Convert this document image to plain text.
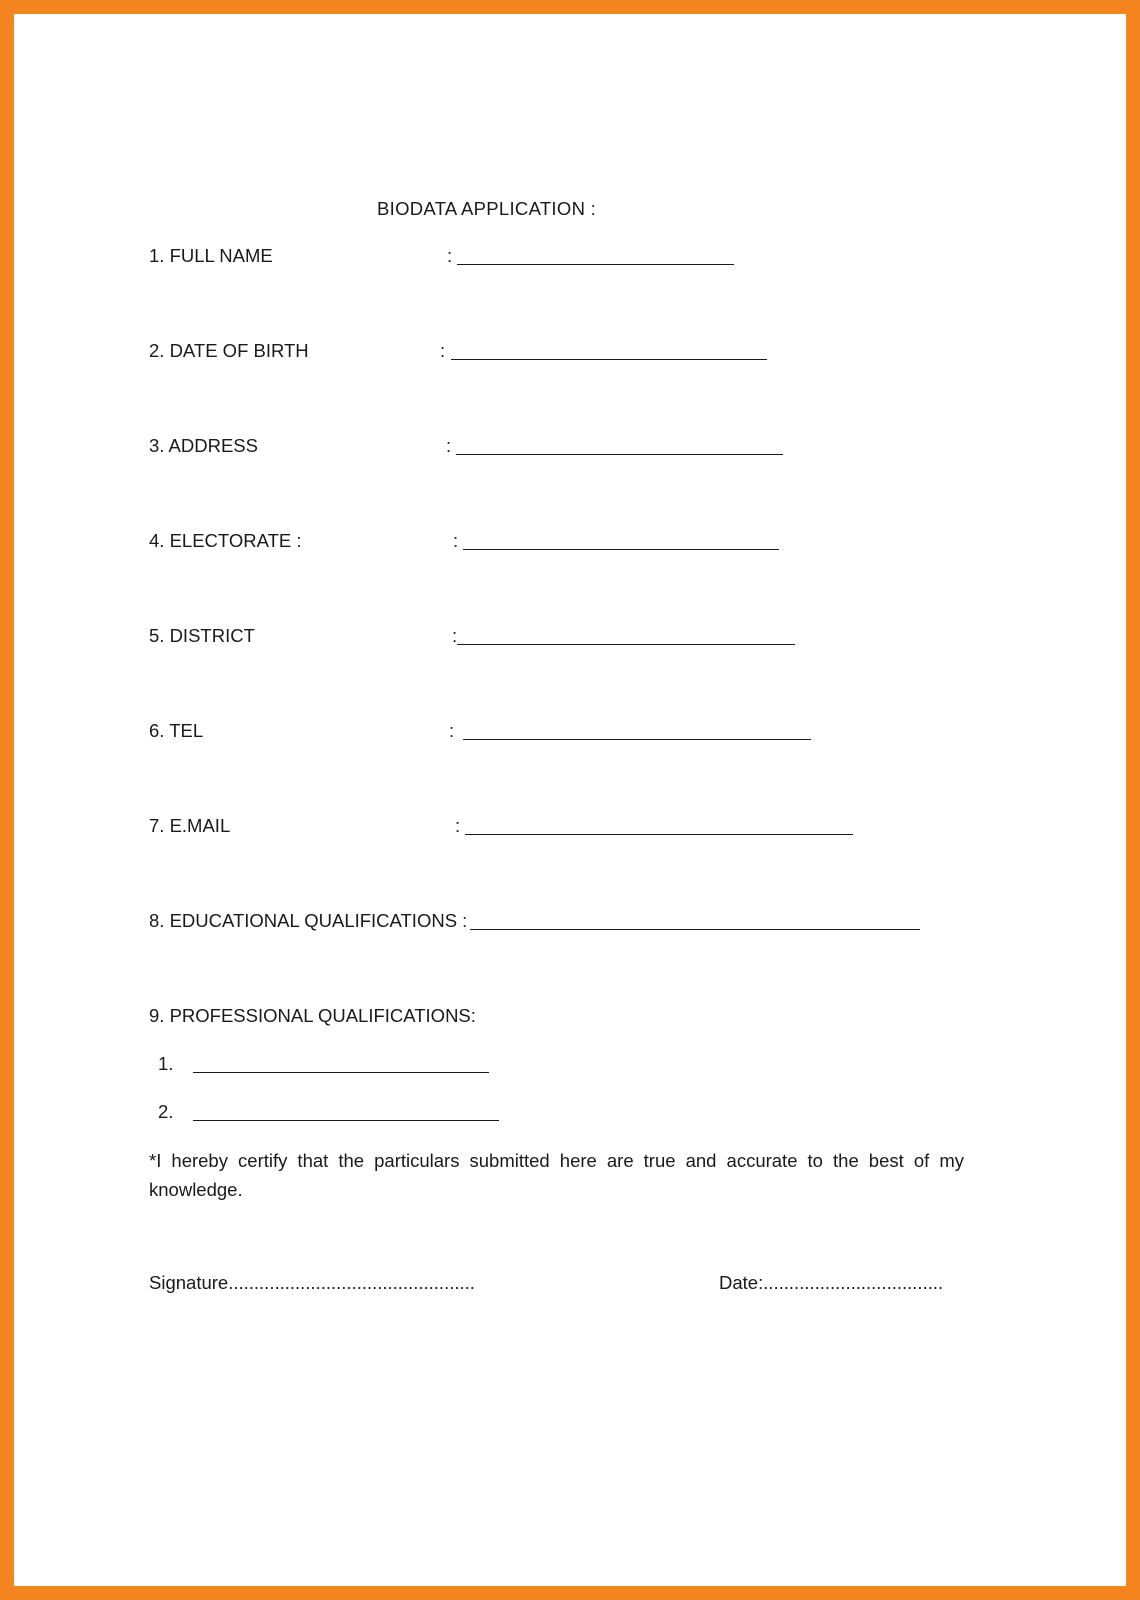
BIODATA APPLICATION :
1. FULL NAME	:
2. DATE OF BIRTH	:
3. ADDRESS	:
4. ELECTORATE :	:
5. DISTRICT	:
6. TEL	:
7. E.MAIL	:
8. EDUCATIONAL QUALIFICATIONS :
9. PROFESSIONAL QUALIFICATIONS:
1.
2.
*I hereby certify that the particulars submitted here are true and accurate to the best of my knowledge.
Signature................................................	Date:...................................
